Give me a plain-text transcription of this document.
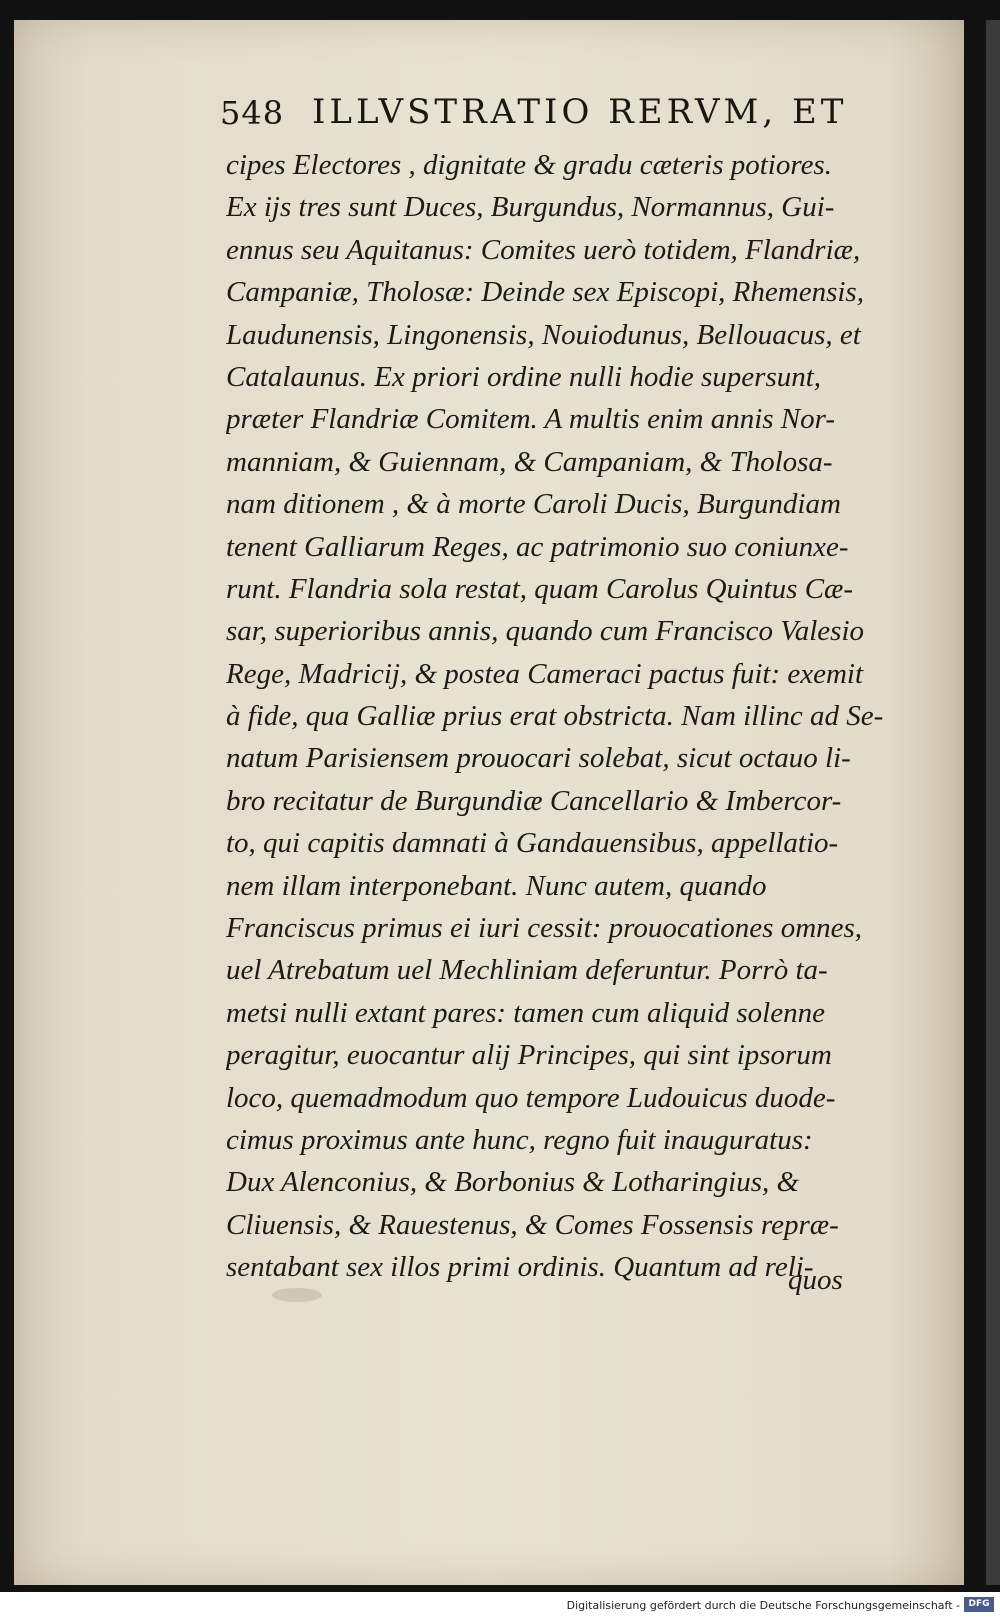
548 ILLVSTRATIO RERVM, ET
cipes Electores , dignitate & gradu cæteris potiores.
Ex ijs tres sunt Duces, Burgundus, Normannus, Gui-
ennus seu Aquitanus: Comites uerò totidem, Flandriæ,
Campaniæ, Tholosæ: Deinde sex Episcopi, Rhemensis,
Laudunensis, Lingonensis, Nouiodunus, Bellouacus, et
Catalaunus. Ex priori ordine nulli hodie supersunt,
præter Flandriæ Comitem. A multis enim annis Nor-
manniam, & Guiennam, & Campaniam, & Tholosa-
nam ditionem , & à morte Caroli Ducis, Burgundiam
tenent Galliarum Reges, ac patrimonio suo coniunxe-
runt. Flandria sola restat, quam Carolus Quintus Cæ-
sar, superioribus annis, quando cum Francisco Valesio
Rege, Madricij, & postea Cameraci pactus fuit: exemit
à fide, qua Galliæ prius erat obstricta. Nam illinc ad Se-
natum Parisiensem prouocari solebat, sicut octauo li-
bro recitatur de Burgundiæ Cancellario & Imbercor-
to, qui capitis damnati à Gandauensibus, appellatio-
nem illam interponebant. Nunc autem, quando
Franciscus primus ei iuri cessit: prouocationes omnes,
uel Atrebatum uel Mechliniam deferuntur. Porrò ta-
metsi nulli extant pares: tamen cum aliquid solenne
peragitur, euocantur alij Principes, qui sint ipsorum
loco, quemadmodum quo tempore Ludouicus duode-
cimus proximus ante hunc, regno fuit inauguratus:
Dux Alenconius, & Borbonius & Lotharingius, &
Cliuensis, & Rauestenus, & Comes Fossensis repræ-
sentabant sex illos primi ordinis. Quantum ad reli-
quos
Digitalisierung gefördert durch die Deutsche Forschungsgemeinschaft - DFG
